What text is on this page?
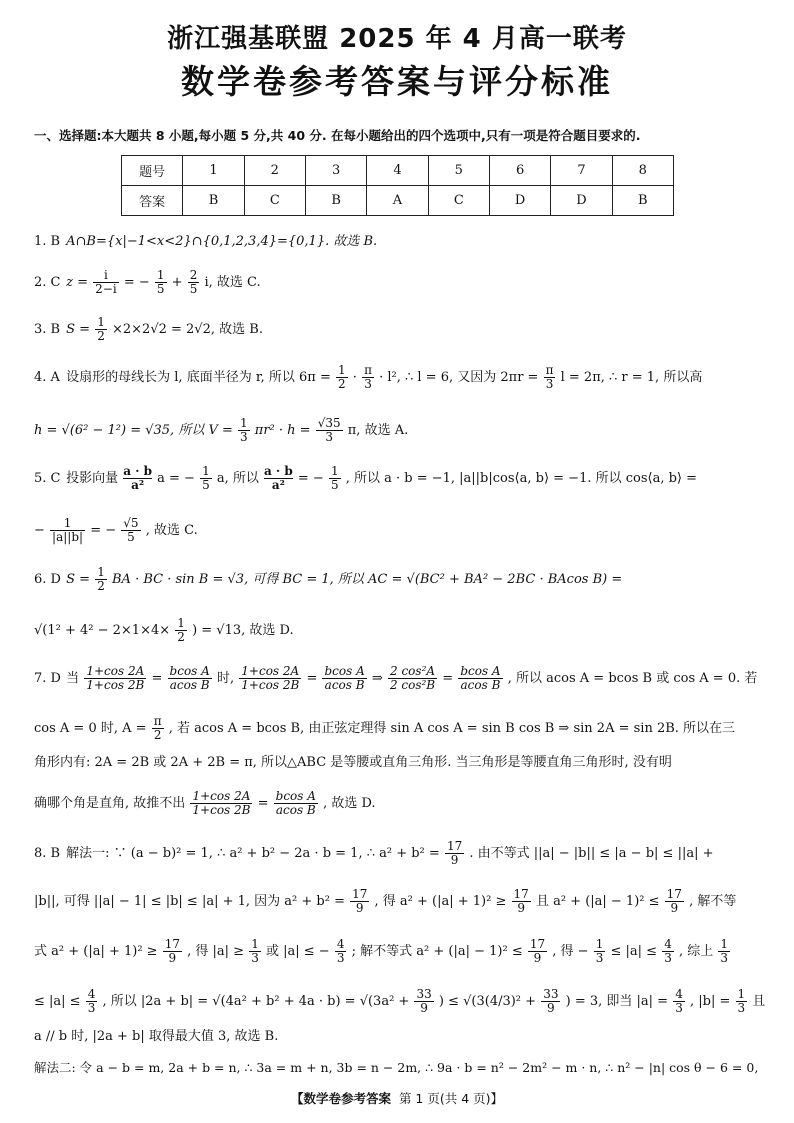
浙江强基联盟 2025 年 4 月高一联考
数学卷参考答案与评分标准
一、选择题:本大题共 8 小题,每小题 5 分,共 40 分. 在每小题给出的四个选项中,只有一项是符合题目要求的.
题号	1	2	3	4	5	6	7	8
答案	B	C	B	A	C	D	D	B
1. B A∩B={x|−1<x<2}∩{0,1,2,3,4}={0,1}. 故选 B.
2. C $z = \frac{i}{2-i}$ = − $\frac{1}{5} + \frac{2}{5} i$, 故选 C.
3. B $S = \frac{1}{2} \times 2\times 2√2 = 2√2$, 故选 B.
4. A 设扇形的母线长为 l, 底面半径为 r, 所以 $6\pi = \frac{1}{2} \cdot \frac{\pi}{3} \cdot l^2$, ∴ l = 6, 又因为 $2\pi r = \frac{\pi}{3}$ l = 2π, ∴ r = 1, 所以高
h = √(6² − 1²) = √35, 所以 $V = \frac{1}{3} \pi r^2 \cdot h = \frac{√35}{3} \pi$, 故选 A.
5. C 投影向量 $\frac{a \cdot b}{\text{a²}}$ a = − $\frac{1}{5} a$, 所以 $\frac{a \cdot b}{\text{a²}}$ = − $\frac{1}{5}$ , 所以 a · b = −1, |a||b|cos⟨a, b⟩ = −1. 所以 cos⟨a, b⟩ =
− $\frac{1}{|a||b|}$ = − $\frac{√5}{5}$ , 故选 C.
6. D $S = \frac{1}{2}$ BA · BC · sin B = √3, 可得 BC = 1, 所以 AC = √(BC² + BA² − 2BC · BAcos B) =
$√(1^2 + 4^2 - 2\times 1\times 4\times \frac{1}{2}$ ) = √13, 故选 D.
7. D 当 $\frac{1+\cos 2A}{1+\cos 2B} = \frac{\text{bcos A}}{\text{acos B}}$ 时, $\frac{1+\cos 2A}{1+\cos 2B} = \frac{\text{bcos A}}{\text{acos B}}$ ⇒ $\frac{\text{2 cos²A}}{\text{2 cos²B}} = \frac{\text{bcos A}}{\text{acos B}}$ , 所以 acos A = bcos B 或 cos A = 0. 若
cos A = 0 时, $A = \frac{\pi}{2}$ , 若 acos A = bcos B, 由正弦定理得 sin A cos A = sin B cos B ⇒ sin 2A = sin 2B. 所以在三
角形内有: 2A = 2B 或 2A + 2B = π, 所以△ABC 是等腰或直角三角形. 当三角形是等腰直角三角形时, 没有明
确哪个角是直角, 故推不出 $\frac{1+\cos 2A}{1+\cos 2B} = \frac{\text{bcos A}}{\text{acos B}}$ , 故选 D.
8. B 解法一: ∵ (a − b)² = 1, ∴ a² + b² − 2a · b = 1, ∴ $a^2 + b^2 = \frac{17}{9}$ . 由不等式 ||a| − |b|| ≤ |a − b| ≤ ||a| +
|b||, 可得 ||a| − 1| ≤ |b| ≤ |a| + 1, 因为 $a^2 + b^2 = \frac{17}{9}$ , 得 $a^2 + (|a| + 1)^2 \ge \frac{17}{9}$ 且 $a^2 + (|a| - 1)^2 \le \frac{17}{9}$ , 解不等
式 $a^2 + (|a| + 1)^2 \ge \frac{17}{9}$ , 得 $|a| \ge \frac{1}{3}$ 或 |a| ≤ − $\frac{4}{3}$ ; 解不等式 $a^2 + (|a| - 1)^2 \le \frac{17}{9}$ , 得 − $\frac{1}{3} \le |a| \le \frac{4}{3}$ , 综上 $\frac{1}{3}$
≤ $|a| \le \frac{4}{3}$ , 所以 $|2a + b| = √(4a^2 + b^2 + 4a \cdot b) = √(3a^2 + \frac{33}{9}$ ) ≤ $√(3(4/3)^2 + \frac{33}{9}$ ) = 3, 即当 $|a| = \frac{4}{3}$ , $|b| = \frac{1}{3}$ 且
a // b 时, |2a + b| 取得最大值 3, 故选 B.
解法二: 令 a − b = m, 2a + b = n, ∴ 3a = m + n, 3b = n − 2m, ∴ 9a · b = n² − 2m² − m · n, ∴ n² − |n| cos θ − 6 = 0,
【数学卷参考答案 第 1 页(共 4 页)】
